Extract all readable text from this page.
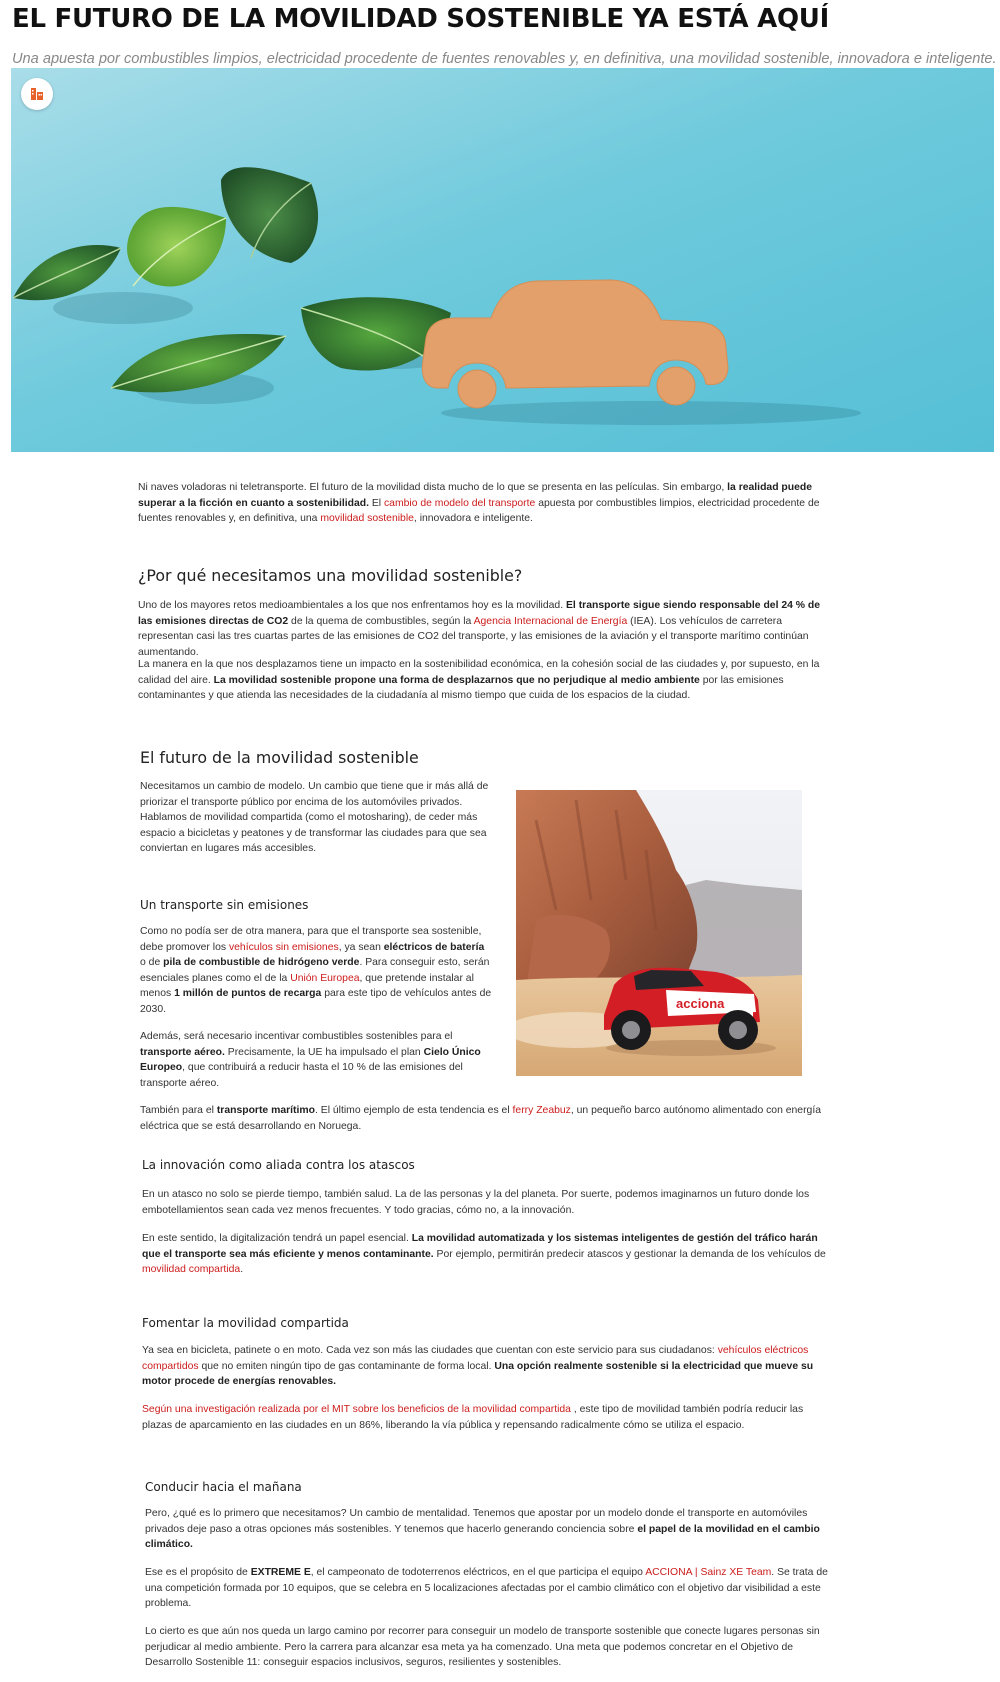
EL FUTURO DE LA MOVILIDAD SOSTENIBLE YA ESTÁ AQUÍ

Una apuesta por combustibles limpios, electricidad procedente de fuentes renovables y, en definitiva, una movilidad sostenible, innovadora e inteligente.

Ni naves voladoras ni teletransporte. El futuro de la movilidad dista mucho de lo que se presenta en las películas. Sin embargo, la realidad puede superar a la ficción en cuanto a sostenibilidad. El cambio de modelo del transporte apuesta por combustibles limpios, electricidad procedente de fuentes renovables y, en definitiva, una movilidad sostenible, innovadora e inteligente.

¿Por qué necesitamos una movilidad sostenible?

Uno de los mayores retos medioambientales a los que nos enfrentamos hoy es la movilidad. El transporte sigue siendo responsable del 24 % de las emisiones directas de CO2 de la quema de combustibles, según la Agencia Internacional de Energía (IEA). Los vehículos de carretera representan casi las tres cuartas partes de las emisiones de CO2 del transporte, y las emisiones de la aviación y el transporte marítimo continúan aumentando.

La manera en la que nos desplazamos tiene un impacto en la sostenibilidad económica, en la cohesión social de las ciudades y, por supuesto, en la calidad del aire. La movilidad sostenible propone una forma de desplazarnos que no perjudique al medio ambiente por las emisiones contaminantes y que atienda las necesidades de la ciudadanía al mismo tiempo que cuida de los espacios de la ciudad.

El futuro de la movilidad sostenible

Necesitamos un cambio de modelo. Un cambio que tiene que ir más allá de priorizar el transporte público por encima de los automóviles privados. Hablamos de movilidad compartida (como el motosharing), de ceder más espacio a bicicletas y peatones y de transformar las ciudades para que sea conviertan en lugares más accesibles.

acciona
Un transporte sin emisiones

Como no podía ser de otra manera, para que el transporte sea sostenible, debe promover los vehículos sin emisiones, ya sean eléctricos de batería o de pila de combustible de hidrógeno verde. Para conseguir esto, serán esenciales planes como el de la Unión Europea, que pretende instalar al menos 1 millón de puntos de recarga para este tipo de vehículos antes de 2030.

Además, será necesario incentivar combustibles sostenibles para el transporte aéreo. Precisamente, la UE ha impulsado el plan Cielo Único Europeo, que contribuirá a reducir hasta el 10 % de las emisiones del transporte aéreo.

También para el transporte marítimo. El último ejemplo de esta tendencia es el ferry Zeabuz, un pequeño barco autónomo alimentado con energía eléctrica que se está desarrollando en Noruega.

La innovación como aliada contra los atascos

En un atasco no solo se pierde tiempo, también salud. La de las personas y la del planeta. Por suerte, podemos imaginarnos un futuro donde los embotellamientos sean cada vez menos frecuentes. Y todo gracias, cómo no, a la innovación.

En este sentido, la digitalización tendrá un papel esencial. La movilidad automatizada y los sistemas inteligentes de gestión del tráfico harán que el transporte sea más eficiente y menos contaminante. Por ejemplo, permitirán predecir atascos y gestionar la demanda de los vehículos de movilidad compartida.

Fomentar la movilidad compartida

Ya sea en bicicleta, patinete o en moto. Cada vez son más las ciudades que cuentan con este servicio para sus ciudadanos: vehículos eléctricos compartidos que no emiten ningún tipo de gas contaminante de forma local. Una opción realmente sostenible si la electricidad que mueve su motor procede de energías renovables.

Según una investigación realizada por el MIT sobre los beneficios de la movilidad compartida , este tipo de movilidad también podría reducir las plazas de aparcamiento en las ciudades en un 86%, liberando la vía pública y repensando radicalmente cómo se utiliza el espacio.

Conducir hacia el mañana

Pero, ¿qué es lo primero que necesitamos? Un cambio de mentalidad. Tenemos que apostar por un modelo donde el transporte en automóviles privados deje paso a otras opciones más sostenibles. Y tenemos que hacerlo generando conciencia sobre el papel de la movilidad en el cambio climático.

Ese es el propósito de EXTREME E, el campeonato de todoterrenos eléctricos, en el que participa el equipo ACCIONA | Sainz XE Team. Se trata de una competición formada por 10 equipos, que se celebra en 5 localizaciones afectadas por el cambio climático con el objetivo dar visibilidad a este problema.

Lo cierto es que aún nos queda un largo camino por recorrer para conseguir un modelo de transporte sostenible que conecte lugares personas sin perjudicar al medio ambiente. Pero la carrera para alcanzar esa meta ya ha comenzado. Una meta que podemos concretar en el Objetivo de Desarrollo Sostenible 11: conseguir espacios inclusivos, seguros, resilientes y sostenibles.
